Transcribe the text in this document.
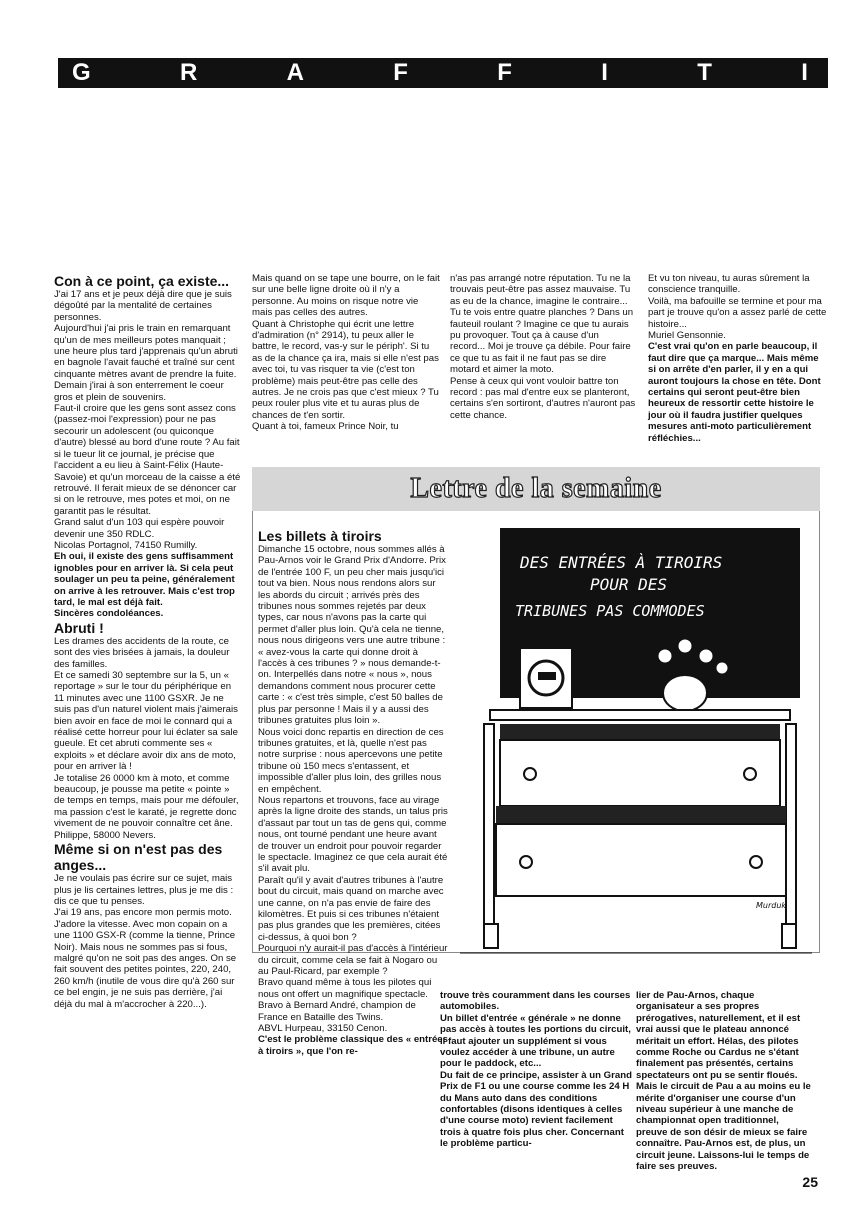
G	R	A	F	F	I	T	I
Con à ce point, ça existe...

J'ai 17 ans et je peux déjà dire que je suis dégoûté par la mentalité de certaines personnes.

Aujourd'hui j'ai pris le train en remarquant qu'un de mes meilleurs potes manquait ; une heure plus tard j'apprenais qu'un abruti en bagnole l'avait fauché et traîné sur cent cinquante mètres avant de prendre la fuite. Demain j'irai à son enterrement le coeur gros et plein de souvenirs.

Faut-il croire que les gens sont assez cons (passez-moi l'expression) pour ne pas secourir un adolescent (ou quiconque d'autre) blessé au bord d'une route ? Au fait si le tueur lit ce journal, je précise que l'accident a eu lieu à Saint-Félix (Haute-Savoie) et qu'un morceau de la caisse a été retrouvé. Il ferait mieux de se dénoncer car si on le retrouve, mes potes et moi, on ne garantit pas le résultat.

Grand salut d'un 103 qui espère pouvoir devenir une 350 RDLC.

Nicolas Portagnol, 74150 Rumilly.

Eh oui, il existe des gens suffisamment ignobles pour en arriver là. Si cela peut soulager un peu ta peine, généralement on arrive à les retrouver. Mais c'est trop tard, le mal est déjà fait.

Sincères condoléances.

Abruti !

Les drames des accidents de la route, ce sont des vies brisées à jamais, la douleur des familles.

Et ce samedi 30 septembre sur la 5, un « reportage » sur le tour du périphérique en 11 minutes avec une 1100 GSXR. Je ne suis pas d'un naturel violent mais j'aimerais bien avoir en face de moi le connard qui a réalisé cette horreur pour lui éclater sa sale gueule. Et cet abruti commente ses « exploits » et déclare avoir dix ans de moto, pour en arriver là !

Je totalise 26 0000 km à moto, et comme beaucoup, je pousse ma petite « pointe » de temps en temps, mais pour me défouler, ma passion c'est le karaté, je regrette donc vivement de ne pouvoir connaître cet âne.

Philippe, 58000 Nevers.

Même si on n'est pas des anges...

Je ne voulais pas écrire sur ce sujet, mais plus je lis certaines lettres, plus je me dis : dis ce que tu penses.

J'ai 19 ans, pas encore mon permis moto. J'adore la vitesse. Avec mon copain on a une 1100 GSX-R (comme la tienne, Prince Noir). Mais nous ne sommes pas si fous, malgré qu'on ne soit pas des anges. On se fait souvent des petites pointes, 220, 240, 260 km/h (inutile de vous dire qu'à 260 sur ce bel engin, je ne suis pas derrière, j'ai déjà du mal à m'accrocher à 220...).

Mais quand on se tape une bourre, on le fait sur une belle ligne droite où il n'y a personne. Au moins on risque notre vie mais pas celles des autres.

Quant à Christophe qui écrit une lettre d'admiration (n° 2914), tu peux aller le battre, le record, vas-y sur le périph'. Si tu as de la chance ça ira, mais si elle n'est pas avec toi, tu vas risquer ta vie (c'est ton problème) mais peut-être pas celle des autres. Je ne crois pas que c'est mieux ? Tu peux rouler plus vite et tu auras plus de chances de t'en sortir.

Quant à toi, fameux Prince Noir, tu

n'as pas arrangé notre réputation. Tu ne la trouvais peut-être pas assez mauvaise. Tu as eu de la chance, imagine le contraire... Tu te vois entre quatre planches ? Dans un fauteuil roulant ? Imagine ce que tu aurais pu provoquer. Tout ça à cause d'un record... Moi je trouve ça débile. Pour faire ce que tu as fait il ne faut pas se dire motard et aimer la moto.

Pense à ceux qui vont vouloir battre ton record : pas mal d'entre eux se planteront, certains s'en sortiront, d'autres n'auront pas cette chance.

Et vu ton niveau, tu auras sûrement la conscience tranquille.

Voilà, ma bafouille se termine et pour ma part je trouve qu'on a assez parlé de cette histoire...

Muriel Gensonnie.

C'est vrai qu'on en parle beaucoup, il faut dire que ça marque... Mais même si on arrête d'en parler, il y en a qui auront toujours la chose en tête. Dont certains qui seront peut-être bien heureux de ressortir cette histoire le jour où il faudra justifier quelques mesures anti-moto particulièrement réfléchies...

Lettre de la semaine
Les billets à tiroirs

Dimanche 15 octobre, nous sommes allés à Pau-Arnos voir le Grand Prix d'Andorre. Prix de l'entrée 100 F, un peu cher mais jusqu'ici tout va bien. Nous nous rendons alors sur les abords du circuit ; arrivés près des tribunes nous sommes rejetés par deux types, car nous n'avons pas la carte qui permet d'aller plus loin. Qu'à cela ne tienne, nous nous dirigeons vers une autre tribune : « avez-vous la carte qui donne droit à l'accès à ces tribunes ? » nous demande-t-on. Interpellés dans notre « nous », nous demandons comment nous procurer cette carte : « c'est très simple, c'est 50 balles de plus par personne ! Mais il y a aussi des tribunes gratuites plus loin ».

Nous voici donc repartis en direction de ces tribunes gratuites, et là, quelle n'est pas notre surprise : nous apercevons une petite tribune où 150 mecs s'entassent, et impossible d'aller plus loin, des grilles nous en empêchent.

Nous repartons et trouvons, face au virage après la ligne droite des stands, un talus pris d'assaut par tout un tas de gens qui, comme nous, ont tourné pendant une heure avant de trouver un endroit pour pouvoir regarder le spectacle. Imaginez ce que cela aurait été s'il avait plu.

Paraît qu'il y avait d'autres tribunes à l'autre bout du circuit, mais quand on marche avec une canne, on n'a pas envie de faire des kilomètres. Et puis si ces tribunes n'étaient pas plus grandes que les premières, citées ci-dessus, à quoi bon ?

Pourquoi n'y aurait-il pas d'accès à l'intérieur du circuit, comme cela se fait à Nogaro ou au Paul-Ricard, par exemple ?

Bravo quand même à tous les pilotes qui nous ont offert un magnifique spectacle.

Bravo à Bernard André, champion de France en Bataille des Twins.

ABVL Hurpeau, 33150 Cenon.

C'est le problème classique des « entrées à tiroirs », que l'on re-

DES ENTRÉES À TIROIRS
POUR DES
TRIBUNES PAS COMMODES
Murduk

trouve très couramment dans les courses automobiles.

Un billet d'entrée « générale » ne donne pas accès à toutes les portions du circuit, il faut ajouter un supplément si vous voulez accéder à une tribune, un autre pour le paddock, etc...

Du fait de ce principe, assister à un Grand Prix de F1 ou une course comme les 24 H du Mans auto dans des conditions confortables (disons identiques à celles d'une course moto) revient facilement trois à quatre fois plus cher. Concernant le problème particu-

lier de Pau-Arnos, chaque organisateur a ses propres prérogatives, naturellement, et il est vrai aussi que le plateau annoncé méritait un effort. Hélas, des pilotes comme Roche ou Cardus ne s'étant finalement pas présentés, certains spectateurs ont pu se sentir floués. Mais le circuit de Pau a au moins eu le mérite d'organiser une course d'un niveau supérieur à une manche de championnat open traditionnel, preuve de son désir de mieux se faire connaître. Pau-Arnos est, de plus, un circuit jeune. Laissons-lui le temps de faire ses preuves.

25
